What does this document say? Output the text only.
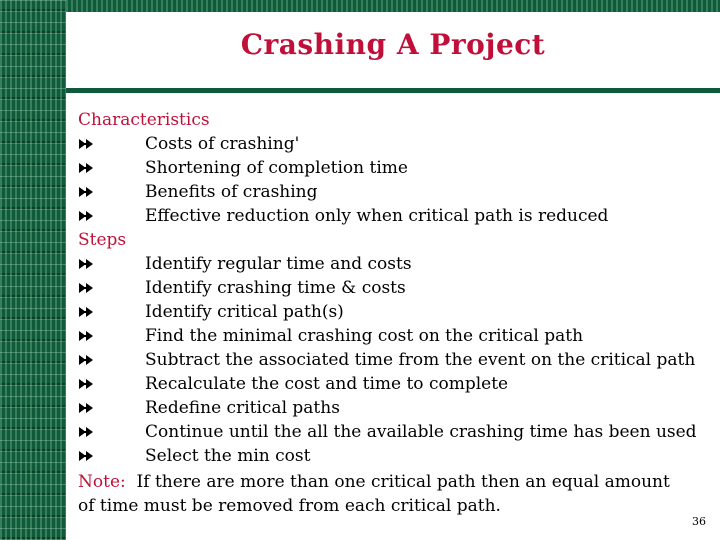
Crashing A Project
Characteristics
Costs of crashing'
Shortening of completion time
Benefits of crashing
Effective reduction only when critical path is reduced
Steps
Identify regular time and costs
Identify crashing time & costs
Identify critical path(s)
Find the minimal crashing cost on the critical path
Subtract the associated time from the event on the critical path
Recalculate the cost and time to complete
Redefine critical paths
Continue until the all the available crashing time has been used
Select the min cost
Note: If there are more than one critical path then an equal amount of time must be removed from each critical path.
36
